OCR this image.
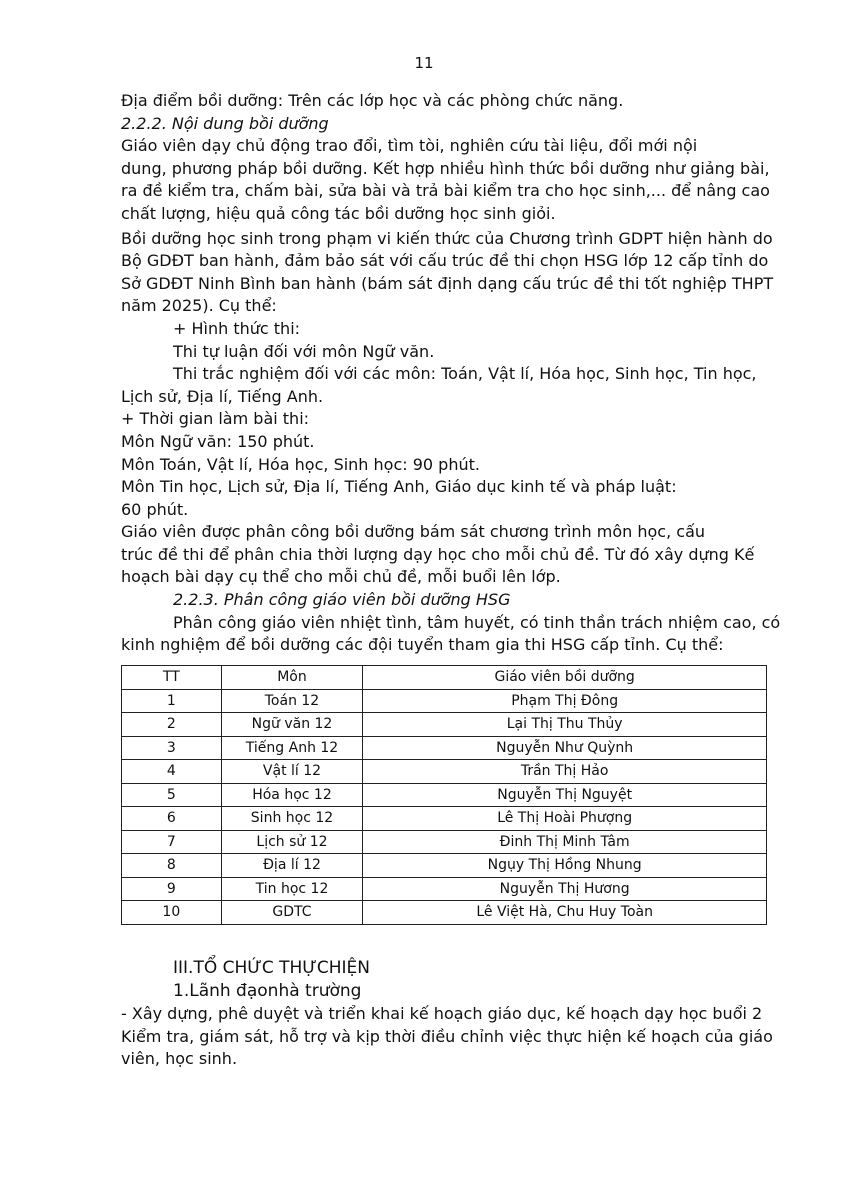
11

Địa điểm bồi dưỡng: Trên các lớp học và các phòng chức năng.

2.2.2. Nội dung bồi dưỡng

Giáo viên dạy chủ động trao đổi, tìm tòi, nghiên cứu tài liệu, đổi mới nội

dung, phương pháp bồi dưỡng. Kết hợp nhiều hình thức bồi dưỡng như giảng bài, ra đề kiểm tra, chấm bài, sửa bài và trả bài kiểm tra cho học sinh,... để nâng cao chất lượng, hiệu quả công tác bồi dưỡng học sinh giỏi.

Bồi dưỡng học sinh trong phạm vi kiến thức của Chương trình GDPT hiện hành do Bộ GDĐT ban hành, đảm bảo sát với cấu trúc đề thi chọn HSG lớp 12 cấp tỉnh do Sở GDĐT Ninh Bình ban hành (bám sát định dạng cấu trúc đề thi tốt nghiệp THPT năm 2025). Cụ thể:

+ Hình thức thi:

Thi tự luận đối với môn Ngữ văn.

Thi trắc nghiệm đối với các môn: Toán, Vật lí, Hóa học, Sinh học, Tin học,

Lịch sử, Địa lí, Tiếng Anh.

+ Thời gian làm bài thi:

Môn Ngữ văn: 150 phút.

Môn Toán, Vật lí, Hóa học, Sinh học: 90 phút.

Môn Tin học, Lịch sử, Địa lí, Tiếng Anh, Giáo dục kinh tế và pháp luật:

60 phút.

Giáo viên được phân công bồi dưỡng bám sát chương trình môn học, cấu

trúc đề thi để phân chia thời lượng dạy học cho mỗi chủ đề. Từ đó xây dựng Kế hoạch bài dạy cụ thể cho mỗi chủ đề, mỗi buổi lên lớp.

2.2.3. Phân công giáo viên bồi dưỡng HSG

Phân công giáo viên nhiệt tình, tâm huyết, có tinh thần trách nhiệm cao, có kinh nghiệm để bồi dưỡng các đội tuyển tham gia thi HSG cấp tỉnh. Cụ thể:

TT	Môn	Giáo viên bồi dưỡng
1	Toán 12	Phạm Thị Đông
2	Ngữ văn 12	Lại Thị Thu Thủy
3	Tiếng Anh 12	Nguyễn Như Quỳnh
4	Vật lí 12	Trần Thị Hảo
5	Hóa học 12	Nguyễn Thị Nguyệt
6	Sinh học 12	Lê Thị Hoài Phượng
7	Lịch sử 12	Đinh Thị Minh Tâm
8	Địa lí 12	Ngụy Thị Hồng Nhung
9	Tin học 12	Nguyễn Thị Hương
10	GDTC	Lê Việt Hà, Chu Huy Toàn

III.TỔ CHỨC THỰCHIỆN

1.Lãnh đạonhà trường

- Xây dựng, phê duyệt và triển khai kế hoạch giáo dục, kế hoạch dạy học buổi 2

Kiểm tra, giám sát, hỗ trợ và kịp thời điều chỉnh việc thực hiện kế hoạch của giáo viên, học sinh.
